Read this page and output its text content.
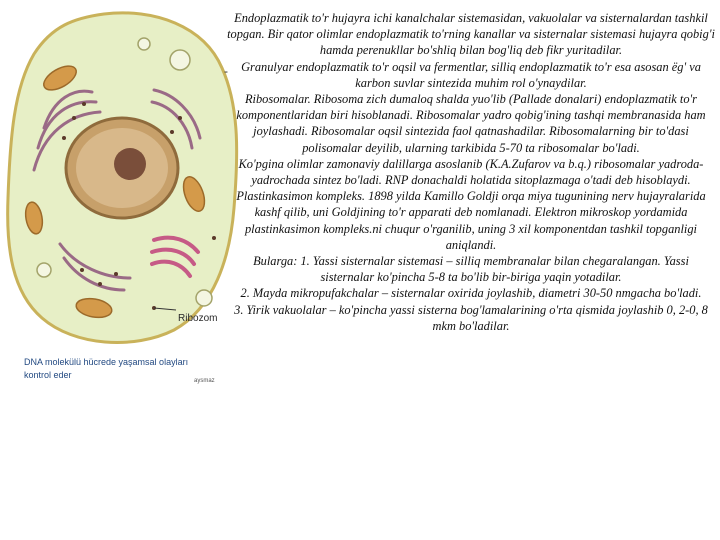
Ribozom
DNA molekülü hücrede yaşamsal olayları
kontrol eder
aysmaz
-

Endoplazmatik to'r hujayra ichi kanalchalar sistemasidan, vakuolalar va sisternalardan tashkil topgan. Bir qator olimlar endoplazmatik to'rning kanallar va sisternalar sistemasi hujayra qobig'i hamda perenukllar bo'shliq bilan bog'liq deb fikr yuritadilar.

Granulyar endoplazmatik to'r oqsil va fermentlar, silliq endoplazmatik to'r esa asosan ёg' va karbon suvlar sintezida muhim rol o'ynaydilar.

Ribosomalar. Ribosoma zich dumaloq shalda yuo'lib (Pallade donalari) endoplazmatik to'r komponentlaridan biri hisoblanadi. Ribosomalar yadro qobig'ining tashqi membranasida ham joylashadi. Ribosomalar oqsil sintezida faol qatnashadilar. Ribosomalarning bir to'dasi polisomalar deyilib, ularning tarkibida 5-70 ta ribosomalar bo'ladi.

Ko'pgina olimlar zamonaviy dalillarga asoslanib (K.A.Zufarov va b.q.) ribosomalar yadroda-yadrochada sintez bo'ladi. RNP donachaldi holatida sitoplazmaga o'tadi deb hisoblaydi.

Plastinkasimon kompleks. 1898 yilda Kamillo Goldji orqa miya tugunining nerv hujayralarida kashf qilib, uni Goldjining to'r apparati deb nomlanadi. Elektron mikroskop yordamida plastinkasimon kompleks.ni chuqur o'rganilib, uning 3 xil komponentdan tashkil topganligi aniqlandi.

Bularga: 1. Yassi sisternalar sistemasi – silliq membranalar bilan chegaralangan. Yassi sisternalar ko'pincha 5-8 ta bo'lib bir-biriga yaqin yotadilar.

2. Mayda mikropufakchalar – sisternalar oxirida joylashib, diametri 30-50 nmgacha bo'ladi.

3. Yirik vakuolalar – ko'pincha yassi sisterna bog'lamalarining o'rta qismida joylashib 0, 2-0, 8 mkm bo'ladilar.
